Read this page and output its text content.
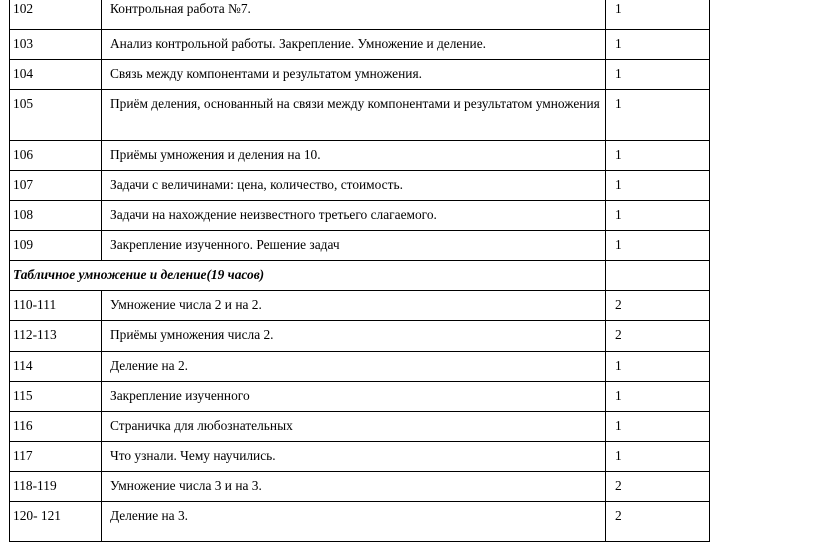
102	Контрольная работа №7.	1

103	Анализ контрольной работы. Закрепление. Умножение и деление.	1

104	Связь между компонентами и результатом умножения.	1

105	Приём деления, основанный на связи между компонентами и результатом умножения	1

106	Приёмы умножения и деления на 10.	1

107	Задачи с величинами: цена, количество, стоимость.	1

108	Задачи на нахождение неизвестного третьего слагаемого.	1

109	Закрепление изученного. Решение задач	1

Табличное умножение и деление(19 часов)		

110-111	Умножение числа 2 и на 2.	2

112-113	Приёмы умножения числа 2.	2

114	Деление на 2.	1

115	Закрепление изученного	1

116	Страничка для любознательных	1

117	Что узнали. Чему научились.	1

118-119	Умножение числа 3 и на 3.	2

120- 121	Деление на 3.	2
